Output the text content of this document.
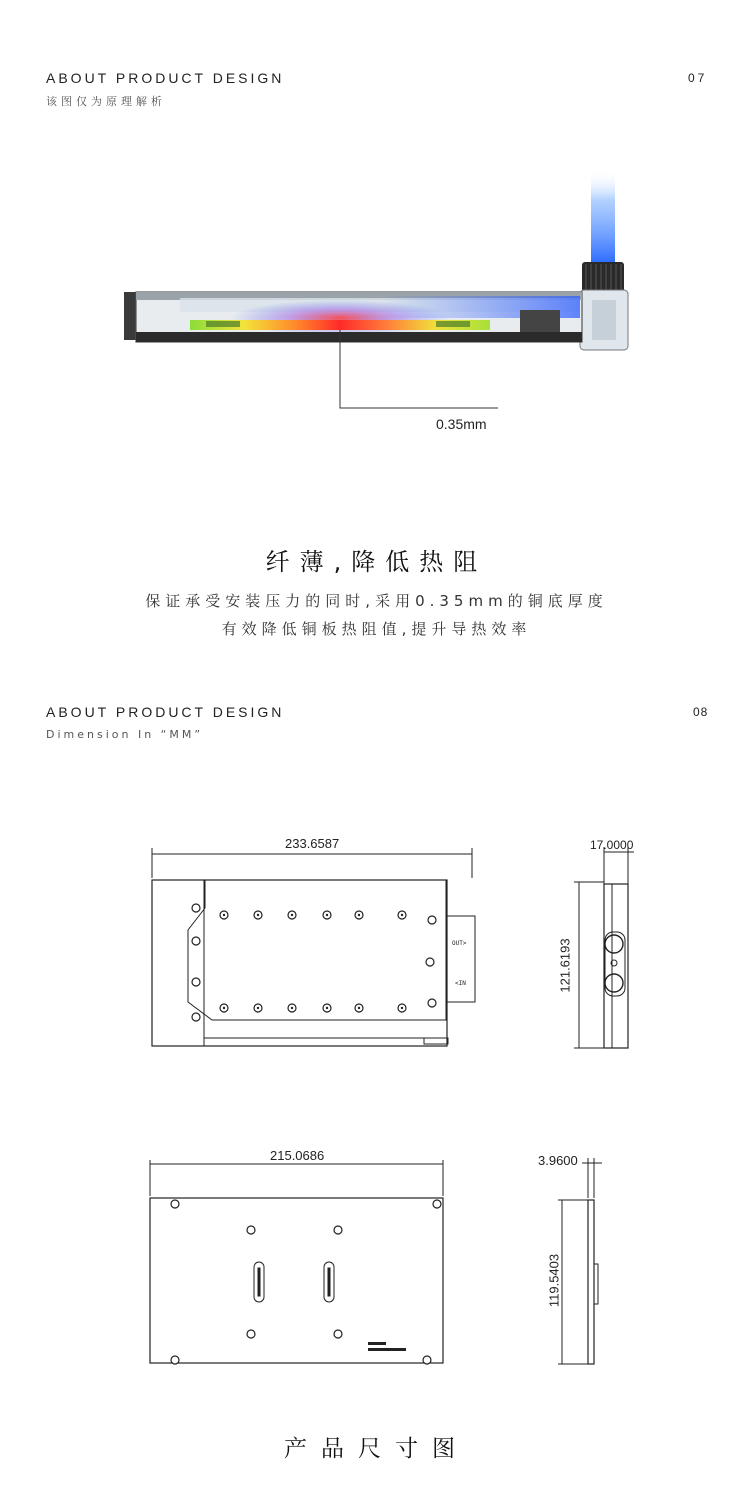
ABOUT PRODUCT DESIGN
该图仅为原理解析
07
0.35mm
纤薄,降低热阻
保证承受安装压力的同时,采用0.35mm的铜底厚度
有效降低铜板热阻值,提升导热效率
ABOUT PRODUCT DESIGN
Dimension In “MM”
08
OUT>
<IN
233.6587	17.0000
121.6193
215.0686	3.9600
119.5403
产品尺寸图
